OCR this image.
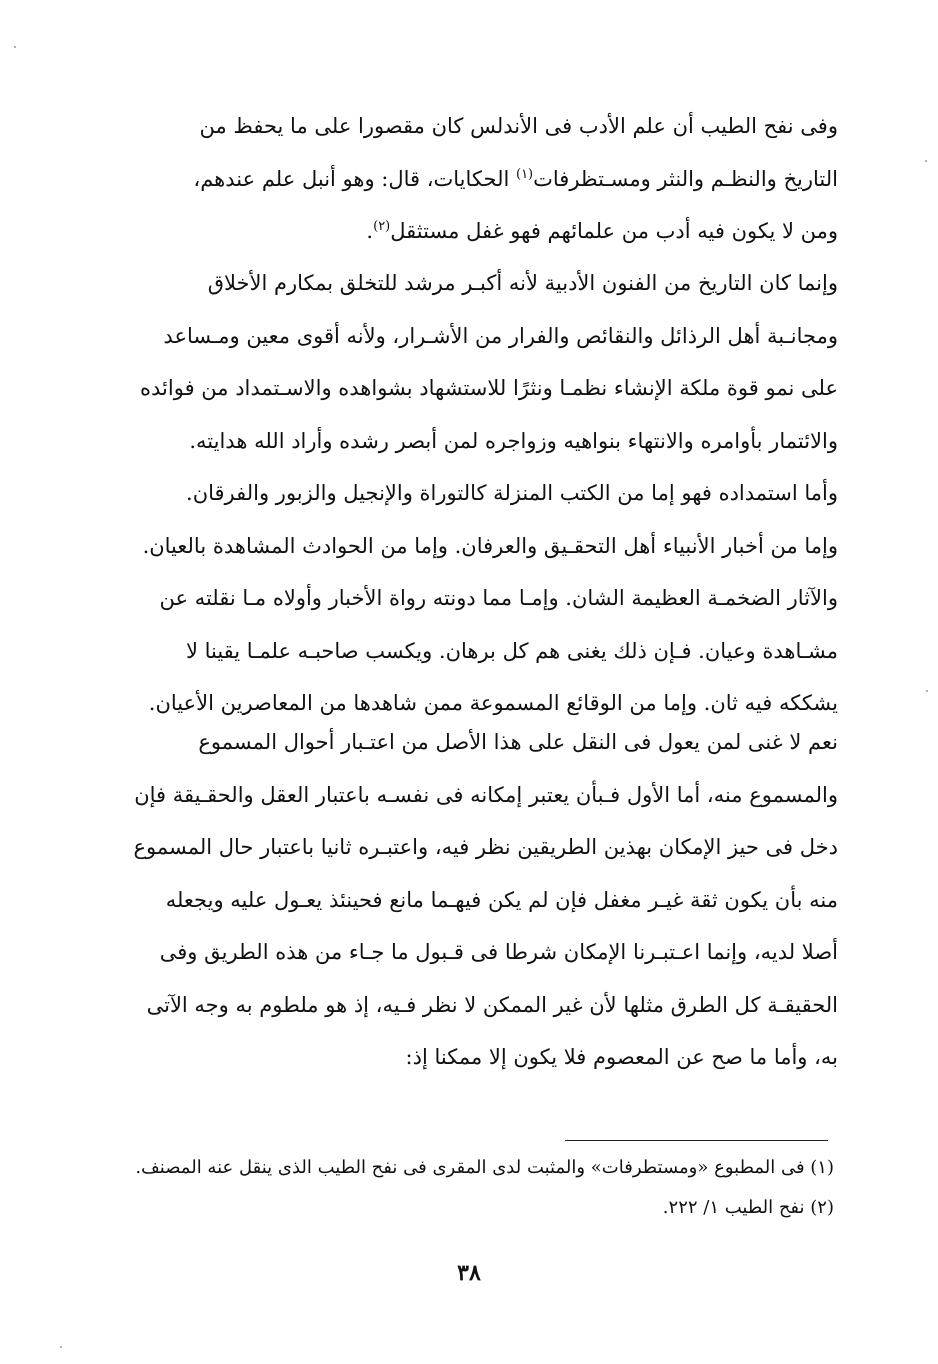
وفى نفح الطيب أن علم الأدب فى الأندلس كان مقصورا على ما يحفظ من
التاريخ والنظـم والنثر ومسـتظرفات$^{(١)}$ الحكايات، قال: وهو أنبل علم عندهم،
ومن لا يكون فيه أدب من علمائهم فهو غفل مستثقل$^{(٢)}$.
وإنما كان التاريخ من الفنون الأدبية لأنه أكبـر مرشد للتخلق بمكارم الأخلاق
ومجانـبة أهل الرذائل والنقائص والفرار من الأشـرار، ولأنه أقوى معين ومـساعد
على نمو قوة ملكة الإنشاء نظمـا ونثرًا للاستشهاد بشواهده والاسـتمداد من فوائده
والائتمار بأوامره والانتهاء بنواهيه وزواجره لمن أبصر رشده وأراد الله هدايته.
وأما استمداده فهو إما من الكتب المنزلة كالتوراة والإنجيل والزبور والفرقان.
وإما من أخبار الأنبياء أهل التحقـيق والعرفان. وإما من الحوادث المشاهدة بالعيان.
والآثار الضخمـة العظيمة الشان. وإمـا مما دونته رواة الأخبار وأولاه مـا نقلته عن
مشـاهدة وعيان. فـإن ذلك يغنى هم كل برهان. ويكسب صاحبـه علمـا يقينا لا
يشككه فيه ثان. وإما من الوقائع المسموعة ممن شاهدها من المعاصرين الأعيان.
نعم لا غنى لمن يعول فى النقل على هذا الأصل من اعتـبار أحوال المسموع
والمسموع منه، أما الأول فـبأن يعتبر إمكانه فى نفسـه باعتبار العقل والحقـيقة فإن
دخل فى حيز الإمكان بهذين الطريقين نظر فيه، واعتبـره ثانيا باعتبار حال المسموع
منه بأن يكون ثقة غيـر مغفل فإن لم يكن فيهـما مانع فحينئذ يعـول عليه ويجعله
أصلا لديه، وإنما اعـتبـرنا الإمكان شرطا فى قـبول ما جـاء من هذه الطريق وفى
الحقيقـة كل الطرق مثلها لأن غير الممكن لا نظر فـيه، إذ هو ملطوم به وجه الآتى
به، وأما ما صح عن المعصوم فلا يكون إلا ممكنا إذ:
(١) فى المطبوع «ومستطرفات» والمثبت لدى المقرى فى نفح الطيب الذى ينقل عنه المصنف.
(٢) نفح الطيب ١/ ٢٢٢.
٣٨
